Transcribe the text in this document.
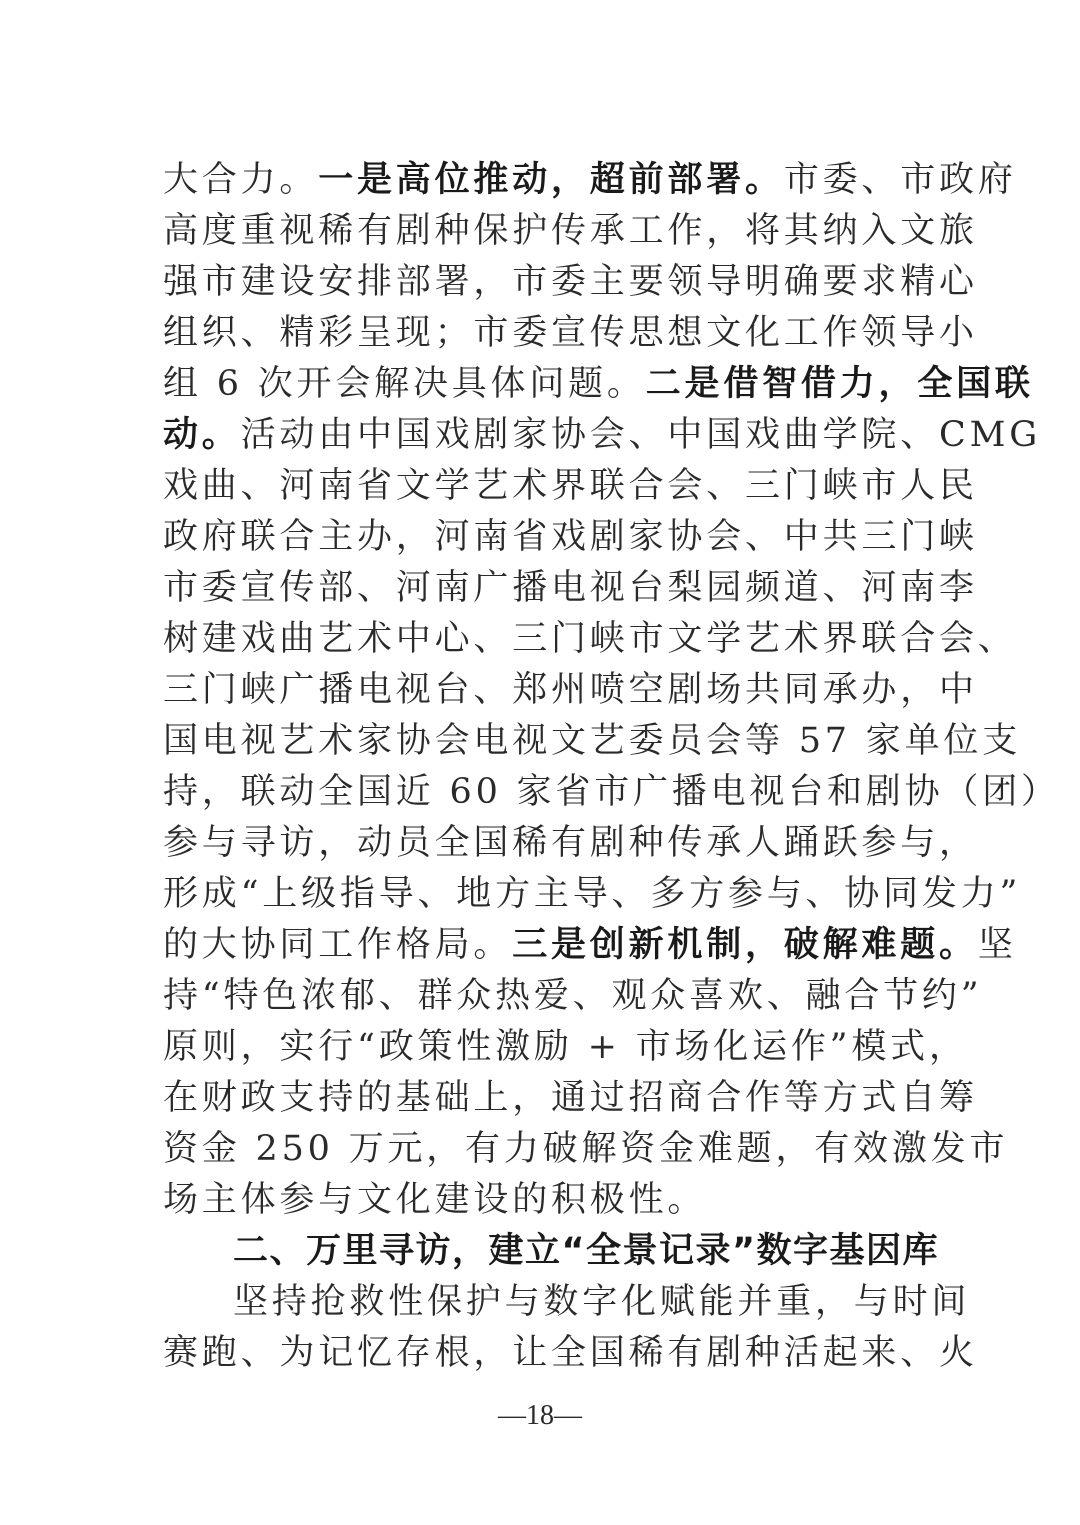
大合力。一是高位推动，超前部署。市委、市政府
高度重视稀有剧种保护传承工作，将其纳入文旅
强市建设安排部署，市委主要领导明确要求精心
组织、精彩呈现；市委宣传思想文化工作领导小
组 6 次开会解决具体问题。二是借智借力，全国联
动。活动由中国戏剧家协会、中国戏曲学院、CMG
戏曲、河南省文学艺术界联合会、三门峡市人民
政府联合主办，河南省戏剧家协会、中共三门峡
市委宣传部、河南广播电视台梨园频道、河南李
树建戏曲艺术中心、三门峡市文学艺术界联合会、
三门峡广播电视台、郑州喷空剧场共同承办，中
国电视艺术家协会电视文艺委员会等 57 家单位支
持，联动全国近 60 家省市广播电视台和剧协（团）
参与寻访，动员全国稀有剧种传承人踊跃参与，
形成“上级指导、地方主导、多方参与、协同发力”
的大协同工作格局。三是创新机制，破解难题。坚
持“特色浓郁、群众热爱、观众喜欢、融合节约”
原则，实行“政策性激励 + 市场化运作”模式，
在财政支持的基础上，通过招商合作等方式自筹
资金 250 万元，有力破解资金难题，有效激发市
场主体参与文化建设的积极性。
二、万里寻访，建立“全景记录”数字基因库
坚持抢救性保护与数字化赋能并重，与时间
赛跑、为记忆存根，让全国稀有剧种活起来、火
—18—
